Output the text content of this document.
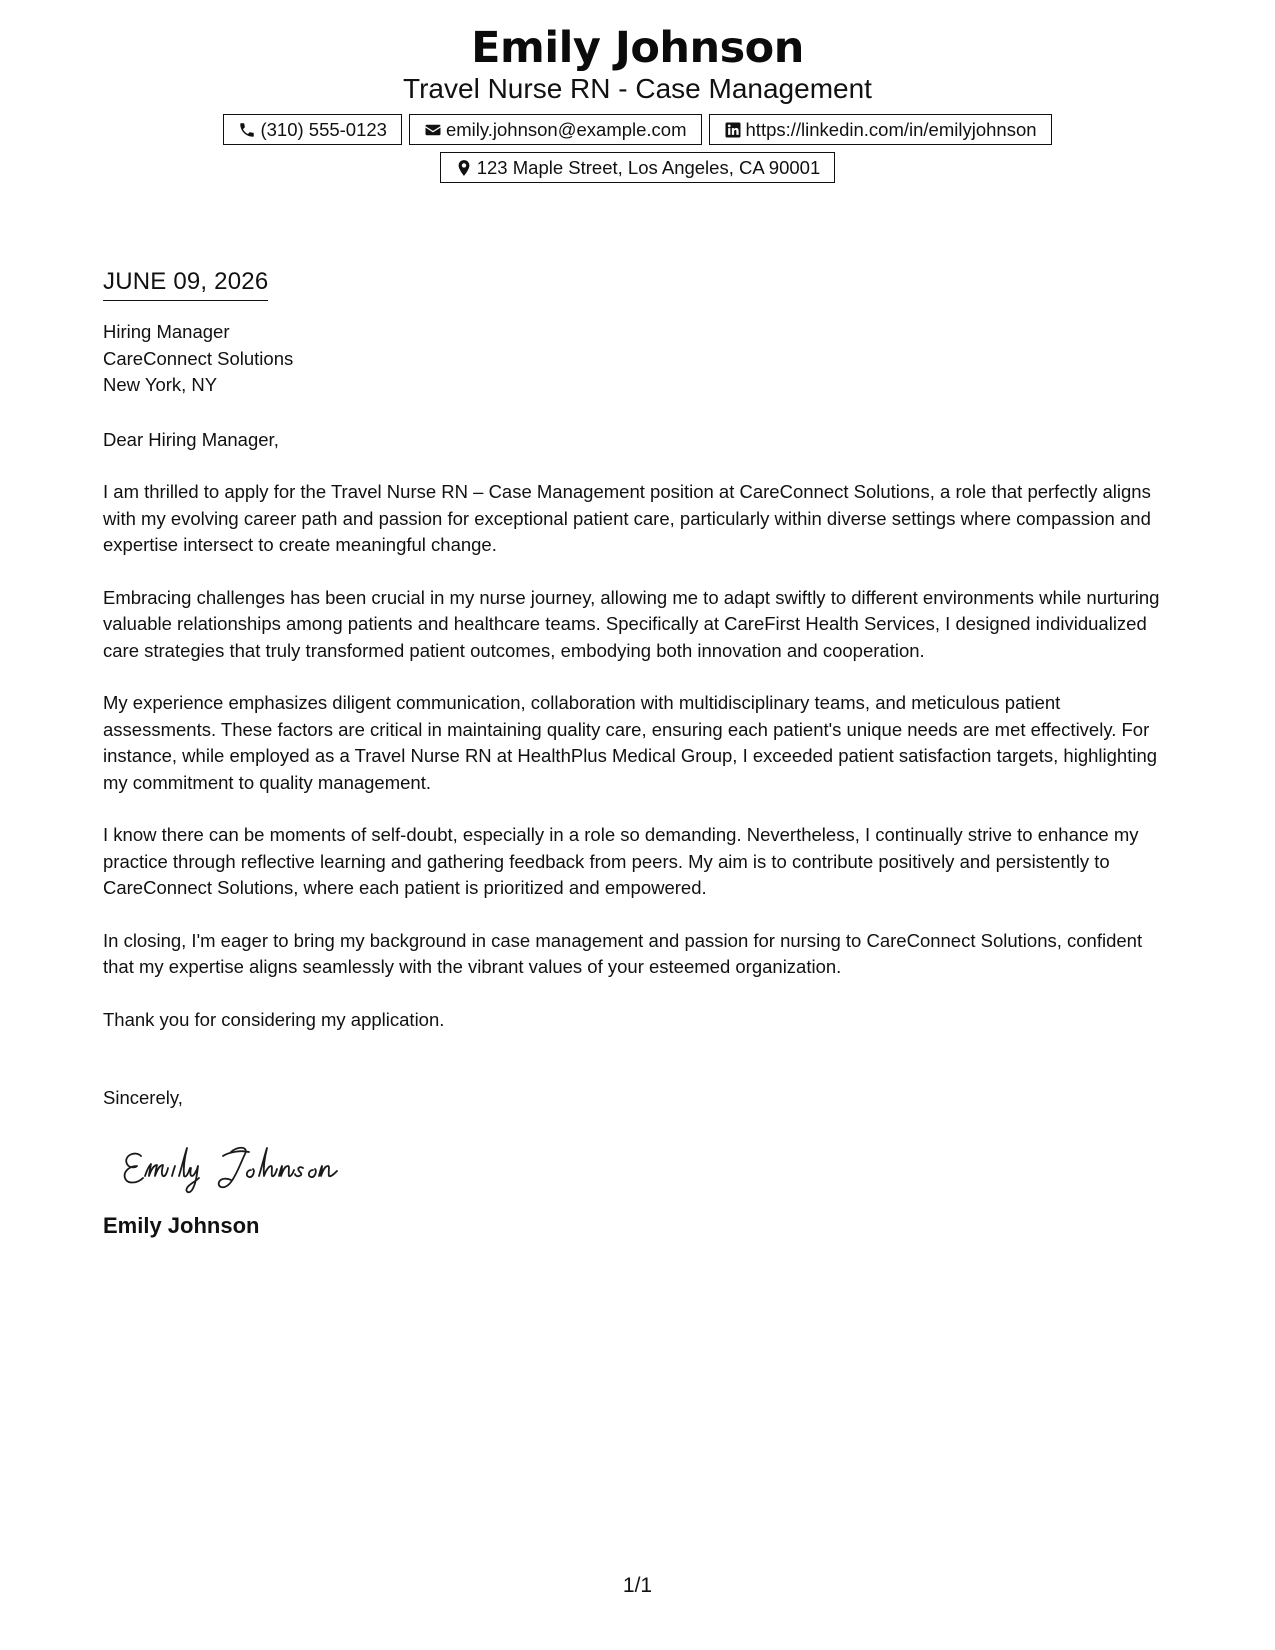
Emily Johnson
Travel Nurse RN - Case Management
(310) 555-0123	emily.johnson@example.com	https://linkedin.com/in/emilyjohnson
123 Maple Street, Los Angeles, CA 90001
JUNE 09, 2026
Hiring Manager
CareConnect Solutions
New York, NY
Dear Hiring Manager,

I am thrilled to apply for the Travel Nurse RN – Case Management position at CareConnect Solutions, a role that perfectly aligns with my evolving career path and passion for exceptional patient care, particularly within diverse settings where compassion and expertise intersect to create meaningful change.

Embracing challenges has been crucial in my nurse journey, allowing me to adapt swiftly to different environments while nurturing valuable relationships among patients and healthcare teams. Specifically at CareFirst Health Services, I designed individualized care strategies that truly transformed patient outcomes, embodying both innovation and cooperation.

My experience emphasizes diligent communication, collaboration with multidisciplinary teams, and meticulous patient assessments. These factors are critical in maintaining quality care, ensuring each patient's unique needs are met effectively. For instance, while employed as a Travel Nurse RN at HealthPlus Medical Group, I exceeded patient satisfaction targets, highlighting my commitment to quality management.

I know there can be moments of self-doubt, especially in a role so demanding. Nevertheless, I continually strive to enhance my practice through reflective learning and gathering feedback from peers. My aim is to contribute positively and persistently to CareConnect Solutions, where each patient is prioritized and empowered.

In closing, I'm eager to bring my background in case management and passion for nursing to CareConnect Solutions, confident that my expertise aligns seamlessly with the vibrant values of your esteemed organization.

Thank you for considering my application.

Sincerely,
Emily Johnson
1/1
